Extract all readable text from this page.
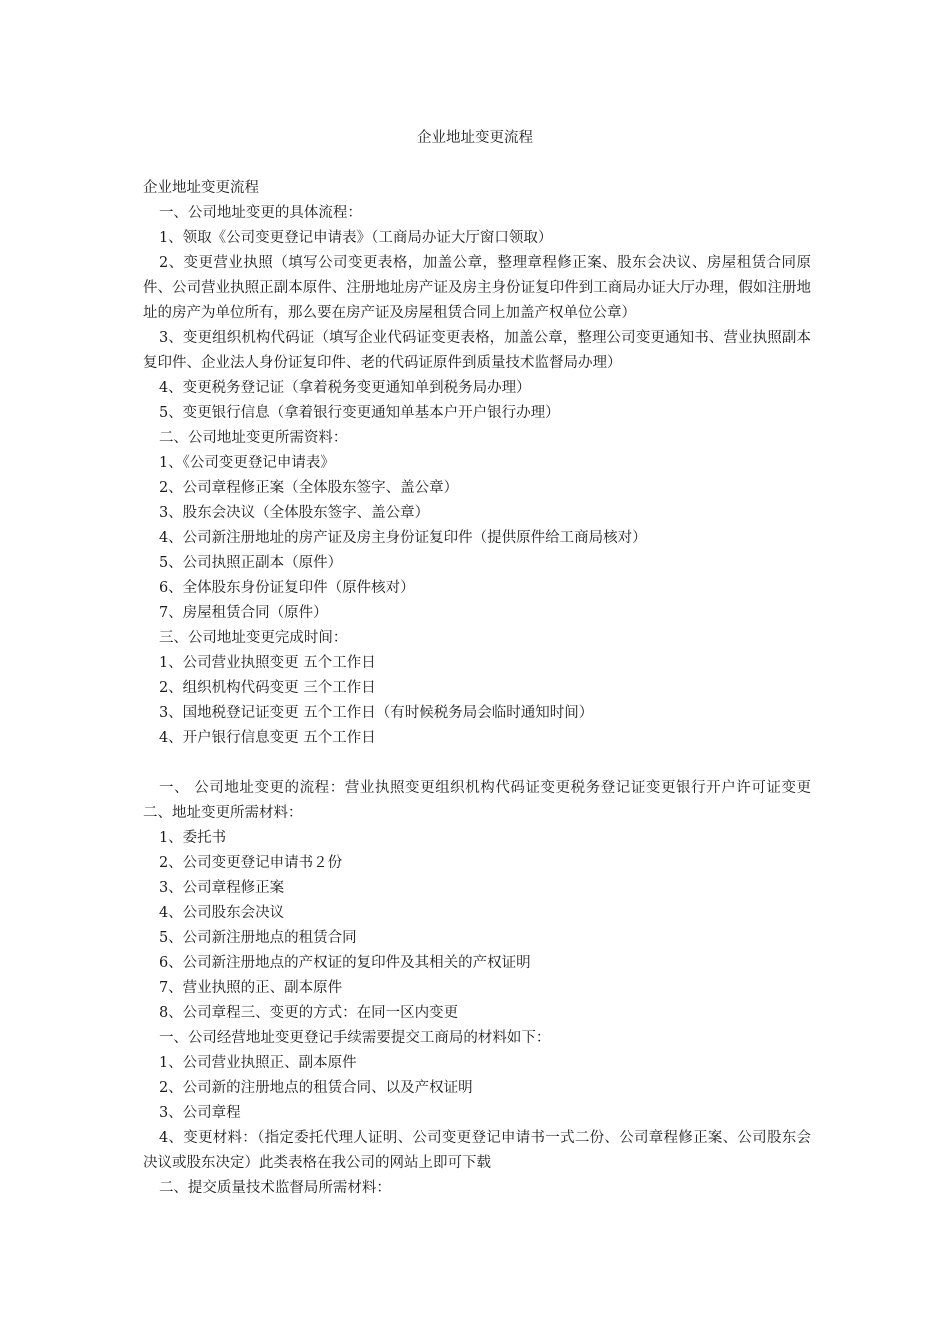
企业地址变更流程

企业地址变更流程

一、公司地址变更的具体流程：

1、领取《公司变更登记申请表》（工商局办证大厅窗口领取）

2、变更营业执照（填写公司变更表格，加盖公章，整理章程修正案、股东会决议、房屋租赁合同原件、公司营业执照正副本原件、注册地址房产证及房主身份证复印件到工商局办证大厅办理，假如注册地址的房产为单位所有，那么要在房产证及房屋租赁合同上加盖产权单位公章）

3、变更组织机构代码证（填写企业代码证变更表格，加盖公章，整理公司变更通知书、营业执照副本复印件、企业法人身份证复印件、老的代码证原件到质量技术监督局办理）

4、变更税务登记证（拿着税务变更通知单到税务局办理）

5、变更银行信息（拿着银行变更通知单基本户开户银行办理）

二、公司地址变更所需资料：

1、《公司变更登记申请表》

2、公司章程修正案（全体股东签字、盖公章）

3、股东会决议（全体股东签字、盖公章）

4、公司新注册地址的房产证及房主身份证复印件（提供原件给工商局核对）

5、公司执照正副本（原件）

6、全体股东身份证复印件（原件核对）

7、房屋租赁合同（原件）

三、公司地址变更完成时间：

1、公司营业执照变更 五个工作日

2、组织机构代码变更 三个工作日

3、国地税登记证变更 五个工作日（有时候税务局会临时通知时间）

4、开户银行信息变更 五个工作日

一、 公司地址变更的流程：营业执照变更组织机构代码证变更税务登记证变更银行开户许可证变更二、地址变更所需材料：

1、委托书

2、公司变更登记申请书２份

3、公司章程修正案

4、公司股东会决议

5、公司新注册地点的租赁合同

6、公司新注册地点的产权证的复印件及其相关的产权证明

7、营业执照的正、副本原件

8、公司章程三、变更的方式：在同一区内变更

一、公司经营地址变更登记手续需要提交工商局的材料如下：

1、公司营业执照正、副本原件

2、公司新的注册地点的租赁合同、以及产权证明

3、公司章程

4、变更材料：（指定委托代理人证明、公司变更登记申请书一式二份、公司章程修正案、公司股东会决议或股东决定）此类表格在我公司的网站上即可下载

二、提交质量技术监督局所需材料：
